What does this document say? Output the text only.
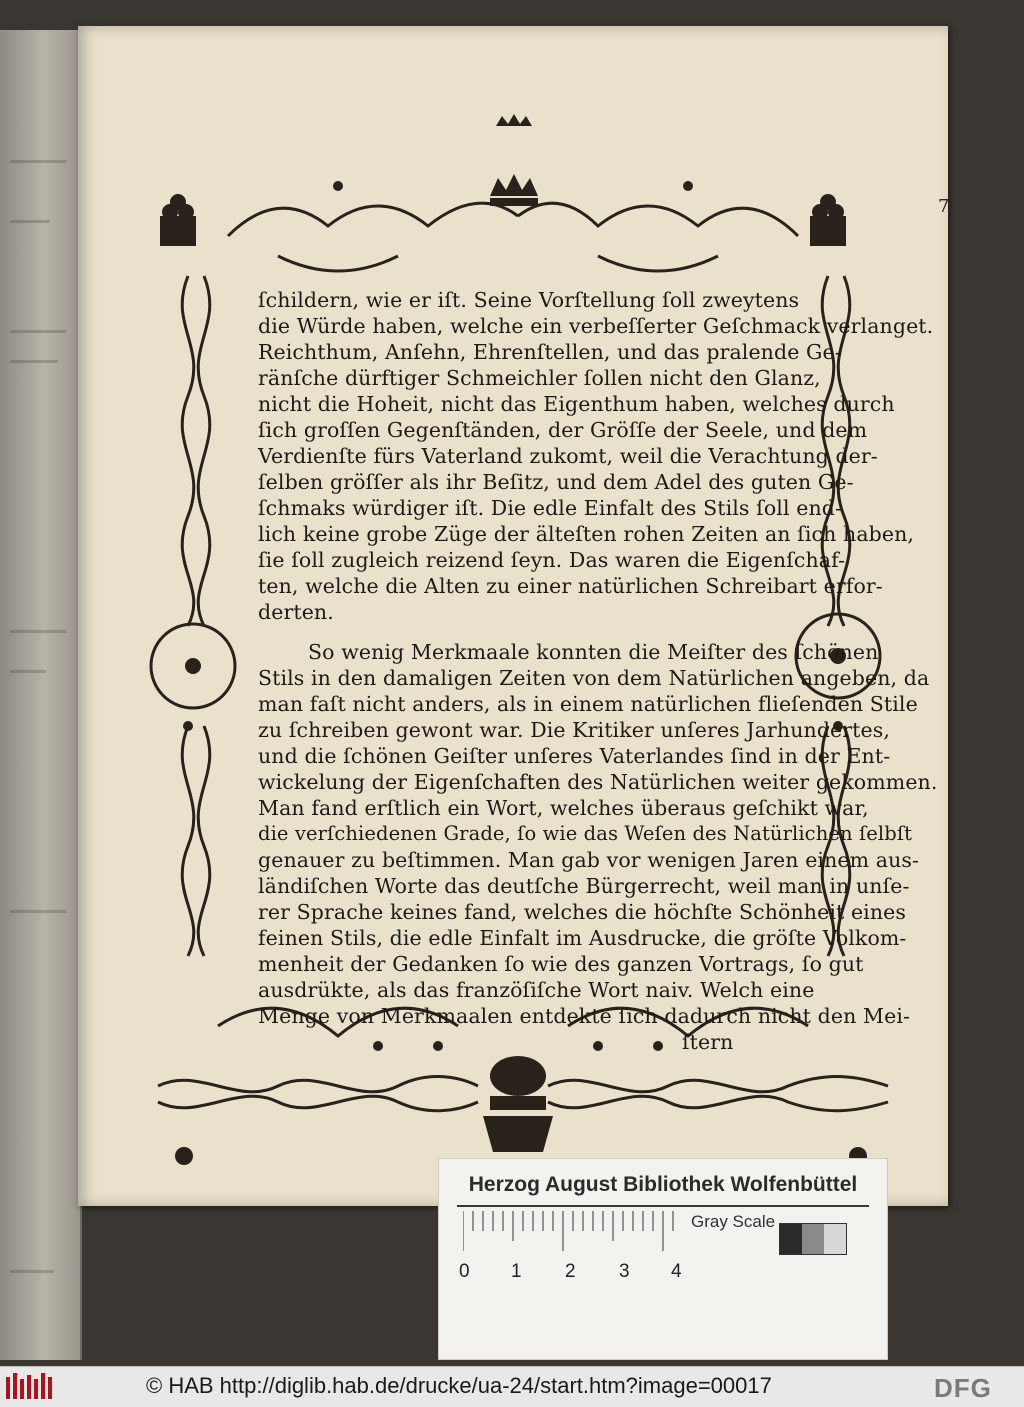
7
ſchildern, wie er iſt. Seine Vorſtellung ſoll zweytens
die Würde haben, welche ein verbeſſerter Geſchmack verlanget.
Reichthum, Anſehn, Ehrenſtellen, und das pralende Ge-
ränſche dürftiger Schmeichler ſollen nicht den Glanz,
nicht die Hoheit, nicht das Eigenthum haben, welches durch
ſich groſſen Gegenſtänden, der Gröſſe der Seele, und dem
Verdienſte fürs Vaterland zukomt, weil die Verachtung der-
ſelben gröſſer als ihr Beſitz, und dem Adel des guten Ge-
ſchmaks würdiger iſt. Die edle Einfalt des Stils ſoll end-
lich keine grobe Züge der älteſten rohen Zeiten an ſich haben,
ſie ſoll zugleich reizend ſeyn. Das waren die Eigenſchaf-
ten, welche die Alten zu einer natürlichen Schreibart erfor-
derten.
So wenig Merkmaale konnten die Meiſter des ſchönen
Stils in den damaligen Zeiten von dem Natürlichen angeben, da
man faſt nicht anders, als in einem natürlichen flieſenden Stile
zu ſchreiben gewont war. Die Kritiker unſeres Jarhundertes,
und die ſchönen Geiſter unſeres Vaterlandes ſind in der Ent-
wickelung der Eigenſchaften des Natürlichen weiter gekommen.
Man fand erſtlich ein Wort, welches überaus geſchikt war,
die verſchiedenen Grade, ſo wie das Weſen des Natürlichen ſelbſt
genauer zu beſtimmen. Man gab vor wenigen Jaren einem aus-
ländiſchen Worte das deutſche Bürgerrecht, weil man in unſe-
rer Sprache keines fand, welches die höchſte Schönheit eines
feinen Stils, die edle Einfalt im Ausdrucke, die gröſte Volkom-
menheit der Gedanken ſo wie des ganzen Vortrags, ſo gut
ausdrükte, als das franzöſiſche Wort naiv. Welch eine
Menge von Merkmaalen entdekte ſich dadurch nicht den Mei-
ſtern
Herzog August Bibliothek Wolfenbüttel
Gray Scale
0 1 2 3 4
© HAB http://diglib.hab.de/drucke/ua-24/start.htm?image=00017	DFG
